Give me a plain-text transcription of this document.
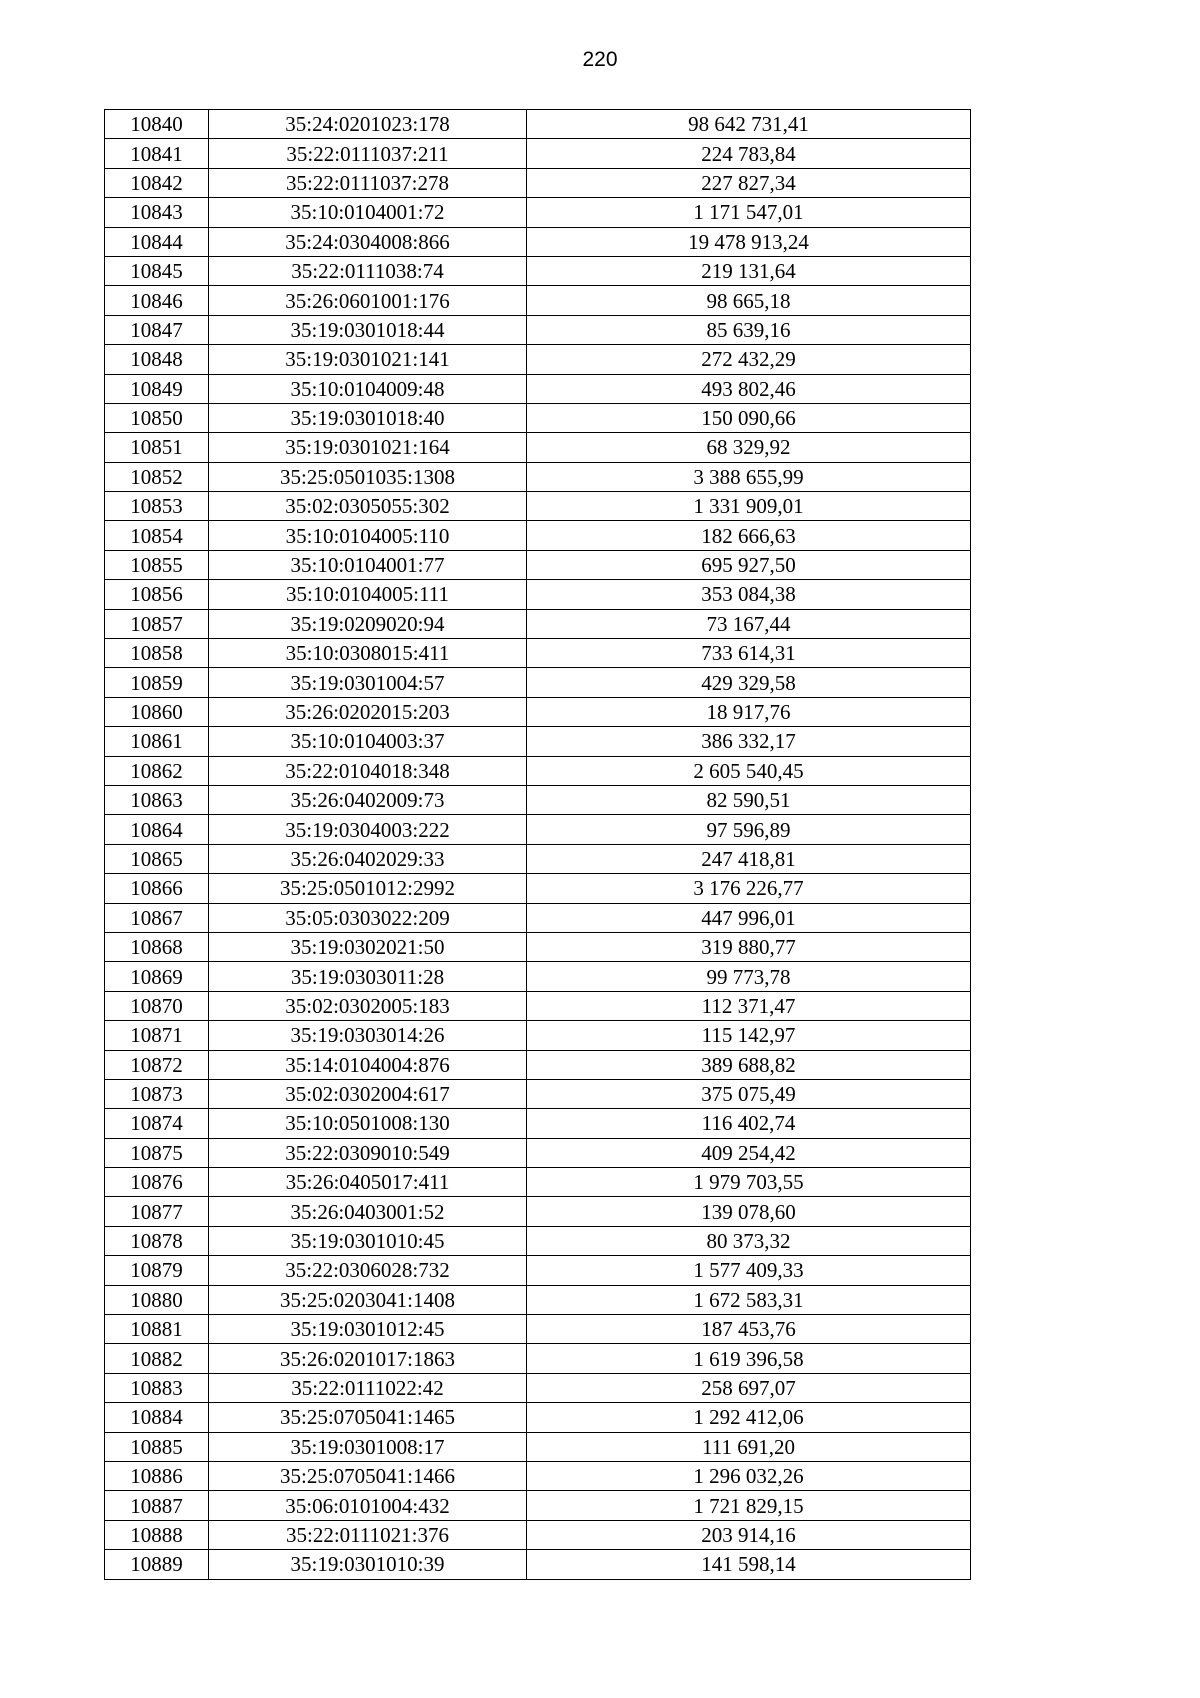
220
10840	35:24:0201023:178	98 642 731,41
10841	35:22:0111037:211	224 783,84
10842	35:22:0111037:278	227 827,34
10843	35:10:0104001:72	1 171 547,01
10844	35:24:0304008:866	19 478 913,24
10845	35:22:0111038:74	219 131,64
10846	35:26:0601001:176	98 665,18
10847	35:19:0301018:44	85 639,16
10848	35:19:0301021:141	272 432,29
10849	35:10:0104009:48	493 802,46
10850	35:19:0301018:40	150 090,66
10851	35:19:0301021:164	68 329,92
10852	35:25:0501035:1308	3 388 655,99
10853	35:02:0305055:302	1 331 909,01
10854	35:10:0104005:110	182 666,63
10855	35:10:0104001:77	695 927,50
10856	35:10:0104005:111	353 084,38
10857	35:19:0209020:94	73 167,44
10858	35:10:0308015:411	733 614,31
10859	35:19:0301004:57	429 329,58
10860	35:26:0202015:203	18 917,76
10861	35:10:0104003:37	386 332,17
10862	35:22:0104018:348	2 605 540,45
10863	35:26:0402009:73	82 590,51
10864	35:19:0304003:222	97 596,89
10865	35:26:0402029:33	247 418,81
10866	35:25:0501012:2992	3 176 226,77
10867	35:05:0303022:209	447 996,01
10868	35:19:0302021:50	319 880,77
10869	35:19:0303011:28	99 773,78
10870	35:02:0302005:183	112 371,47
10871	35:19:0303014:26	115 142,97
10872	35:14:0104004:876	389 688,82
10873	35:02:0302004:617	375 075,49
10874	35:10:0501008:130	116 402,74
10875	35:22:0309010:549	409 254,42
10876	35:26:0405017:411	1 979 703,55
10877	35:26:0403001:52	139 078,60
10878	35:19:0301010:45	80 373,32
10879	35:22:0306028:732	1 577 409,33
10880	35:25:0203041:1408	1 672 583,31
10881	35:19:0301012:45	187 453,76
10882	35:26:0201017:1863	1 619 396,58
10883	35:22:0111022:42	258 697,07
10884	35:25:0705041:1465	1 292 412,06
10885	35:19:0301008:17	111 691,20
10886	35:25:0705041:1466	1 296 032,26
10887	35:06:0101004:432	1 721 829,15
10888	35:22:0111021:376	203 914,16
10889	35:19:0301010:39	141 598,14
